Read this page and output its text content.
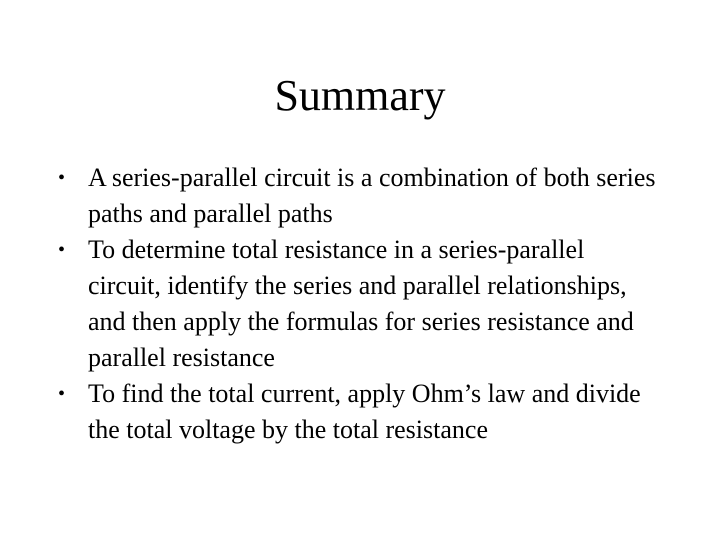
Summary
• A series-parallel circuit is a combination of both series paths and parallel paths
• To determine total resistance in a series-parallel circuit, identify the series and parallel relationships, and then apply the formulas for series resistance and parallel resistance
• To find the total current, apply Ohm’s law and divide the total voltage by the total resistance
